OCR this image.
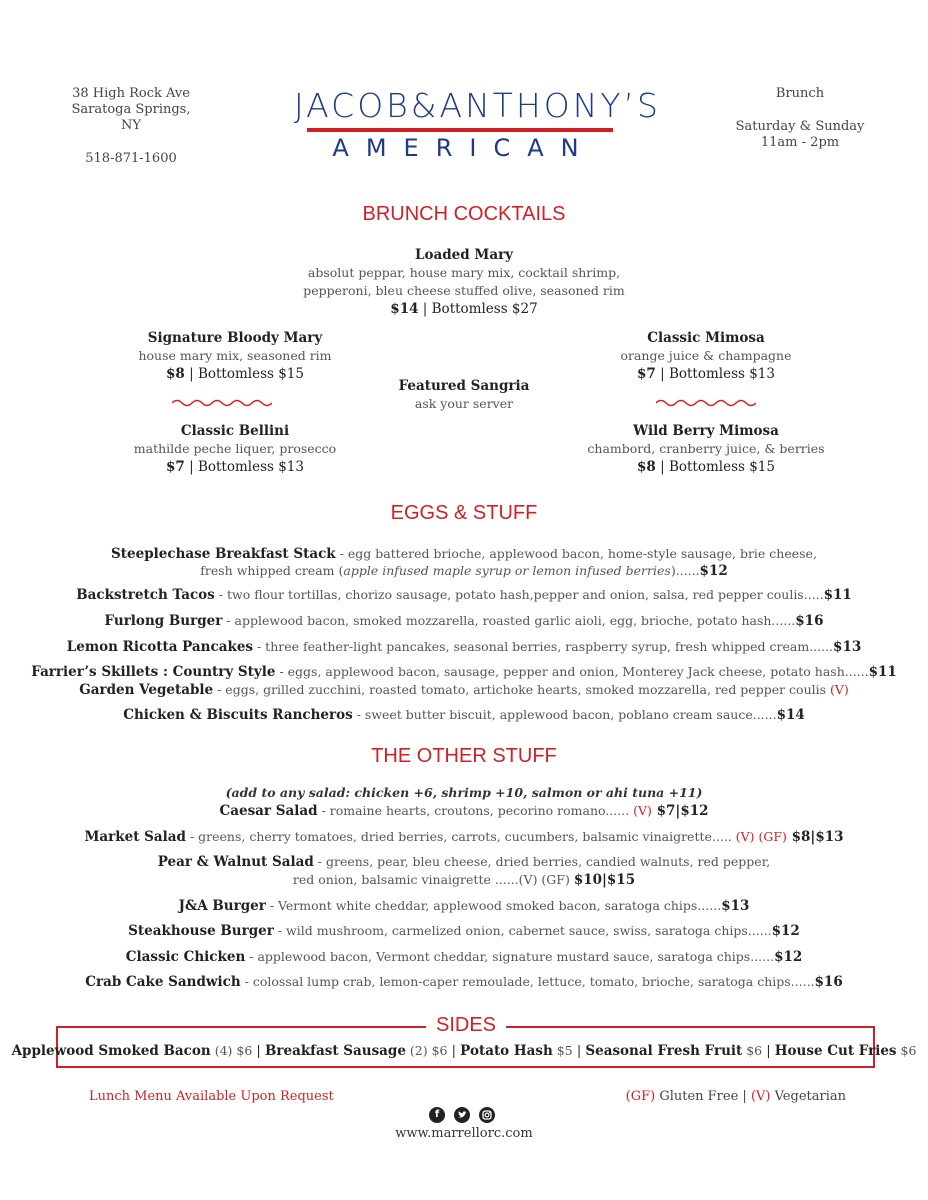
38 High Rock Ave
Saratoga Springs, NY
518-871-1600
JACOB&ANTHONY’S
AMERICAN
Brunch
Saturday & Sunday
11am - 2pm
BRUNCH COCKTAILS
Loaded Mary
absolut peppar, house mary mix, cocktail shrimp,
pepperoni, bleu cheese stuffed olive, seasoned rim
$14 | Bottomless $27
Signature Bloody Mary
house mary mix, seasoned rim
$8 | Bottomless $15
Classic Bellini
mathilde peche liquer, prosecco
$7 | Bottomless $13
Featured Sangria
ask your server
Classic Mimosa
orange juice & champagne
$7 | Bottomless $13
Wild Berry Mimosa
chambord, cranberry juice, & berries
$8 | Bottomless $15
EGGS & STUFF
Steeplechase Breakfast Stack - egg battered brioche, applewood bacon, home-style sausage, brie cheese,
fresh whipped cream (apple infused maple syrup or lemon infused berries)......$12
Backstretch Tacos - two flour tortillas, chorizo sausage, potato hash,pepper and onion, salsa, red pepper coulis.....$11
Furlong Burger - applewood bacon, smoked mozzarella, roasted garlic aioli, egg, brioche, potato hash......$16
Lemon Ricotta Pancakes - three feather-light pancakes, seasonal berries, raspberry syrup, fresh whipped cream......$13
Farrier’s Skillets : Country Style - eggs, applewood bacon, sausage, pepper and onion, Monterey Jack cheese, potato hash......$11
Garden Vegetable - eggs, grilled zucchini, roasted tomato, artichoke hearts, smoked mozzarella, red pepper coulis (V)
Chicken & Biscuits Rancheros - sweet butter biscuit, applewood bacon, poblano cream sauce......$14
THE OTHER STUFF
(add to any salad: chicken +6, shrimp +10, salmon or ahi tuna +11)
Caesar Salad - romaine hearts, croutons, pecorino romano...... (V) $7|$12
Market Salad - greens, cherry tomatoes, dried berries, carrots, cucumbers, balsamic vinaigrette..... (V) (GF) $8|$13
Pear & Walnut Salad - greens, pear, bleu cheese, dried berries, candied walnuts, red pepper,
red onion, balsamic vinaigrette ......(V) (GF) $10|$15
J&A Burger - Vermont white cheddar, applewood smoked bacon, saratoga chips......$13
Steakhouse Burger - wild mushroom, carmelized onion, cabernet sauce, swiss, saratoga chips......$12
Classic Chicken - applewood bacon, Vermont cheddar, signature mustard sauce, saratoga chips......$12
Crab Cake Sandwich - colossal lump crab, lemon-caper remoulade, lettuce, tomato, brioche, saratoga chips......$16
SIDES
Applewood Smoked Bacon (4) $6 | Breakfast Sausage (2) $6 | Potato Hash $5 | Seasonal Fresh Fruit $6 | House Cut Fries $6
Lunch Menu Available Upon Request	(GF) Gluten Free | (V) Vegetarian
f
www.marrellorc.com
